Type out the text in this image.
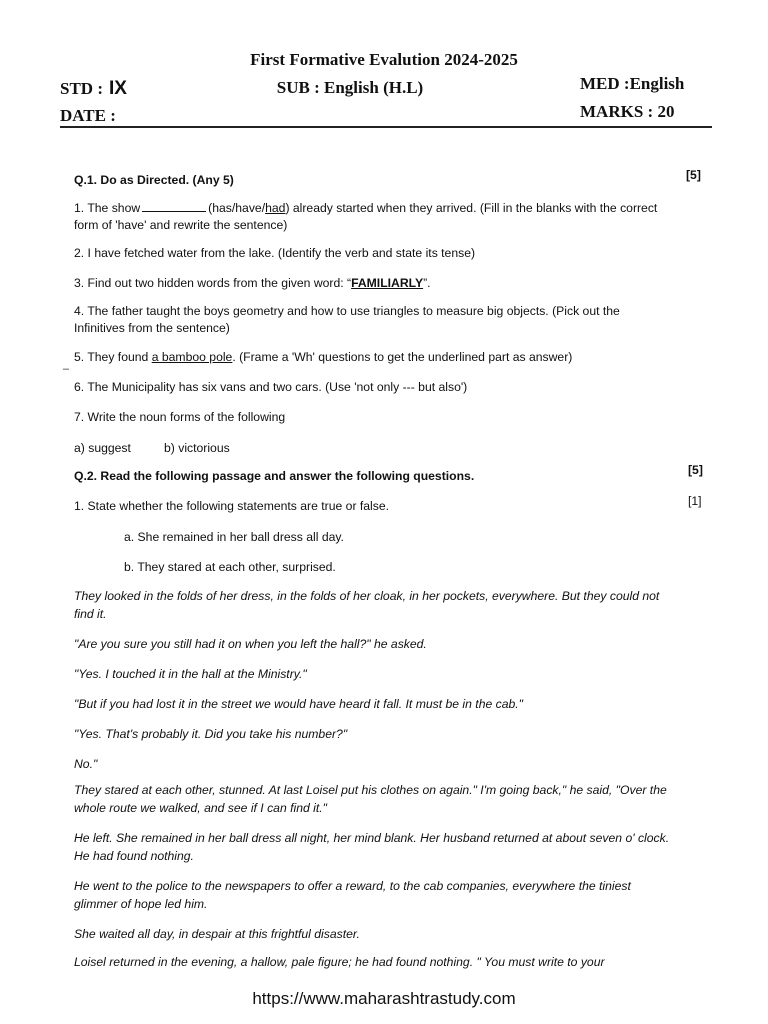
First Formative Evalution 2024-2025
STD : IX	SUB : English (H.L)	MED :English
DATE :	MARKS : 20
Q.1. Do as Directed. (Any 5)	[5]
1. The show	(has/have/had) already started when they arrived. (Fill in the blanks with the correct
form of 'have' and rewrite the sentence)
2. I have fetched water from the lake. (Identify the verb and state its tense)
3. Find out two hidden words from the given word: “FAMILIARLY”.
4. The father taught the boys geometry and how to use triangles to measure big objects. (Pick out the
Infinitives from the sentence)
 –
5. They found a bamboo pole. (Frame a 'Wh' questions to get the underlined part as answer)
6. The Municipality has six vans and two cars. (Use 'not only --- but also')
7. Write the noun forms of the following
a) suggest	b) victorious
Q.2. Read the following passage and answer the following questions.	[5]
1. State whether the following statements are true or false.	[1]
a. She remained in her ball dress all day.
b. They stared at each other, surprised.
They looked in the folds of her dress, in the folds of her cloak, in her pockets, everywhere. But they could not
find it.
"Are you sure you still had it on when you left the hall?" he asked.
"Yes. I touched it in the hall at the Ministry."
"But if you had lost it in the street we would have heard it fall. It must be in the cab."
"Yes. That's probably it. Did you take his number?"
No."
They stared at each other, stunned. At last Loisel put his clothes on again." I'm going back," he said, "Over the
whole route we walked, and see if I can find it."
He left. She remained in her ball dress all night, her mind blank. Her husband returned at about seven o' clock.
He had found nothing.
He went to the police to the newspapers to offer a reward, to the cab companies, everywhere the tiniest
glimmer of hope led him.
She waited all day, in despair at this frightful disaster.
Loisel returned in the evening, a hallow, pale figure; he had found nothing. " You must write to your
https://www.maharashtrastudy.com
